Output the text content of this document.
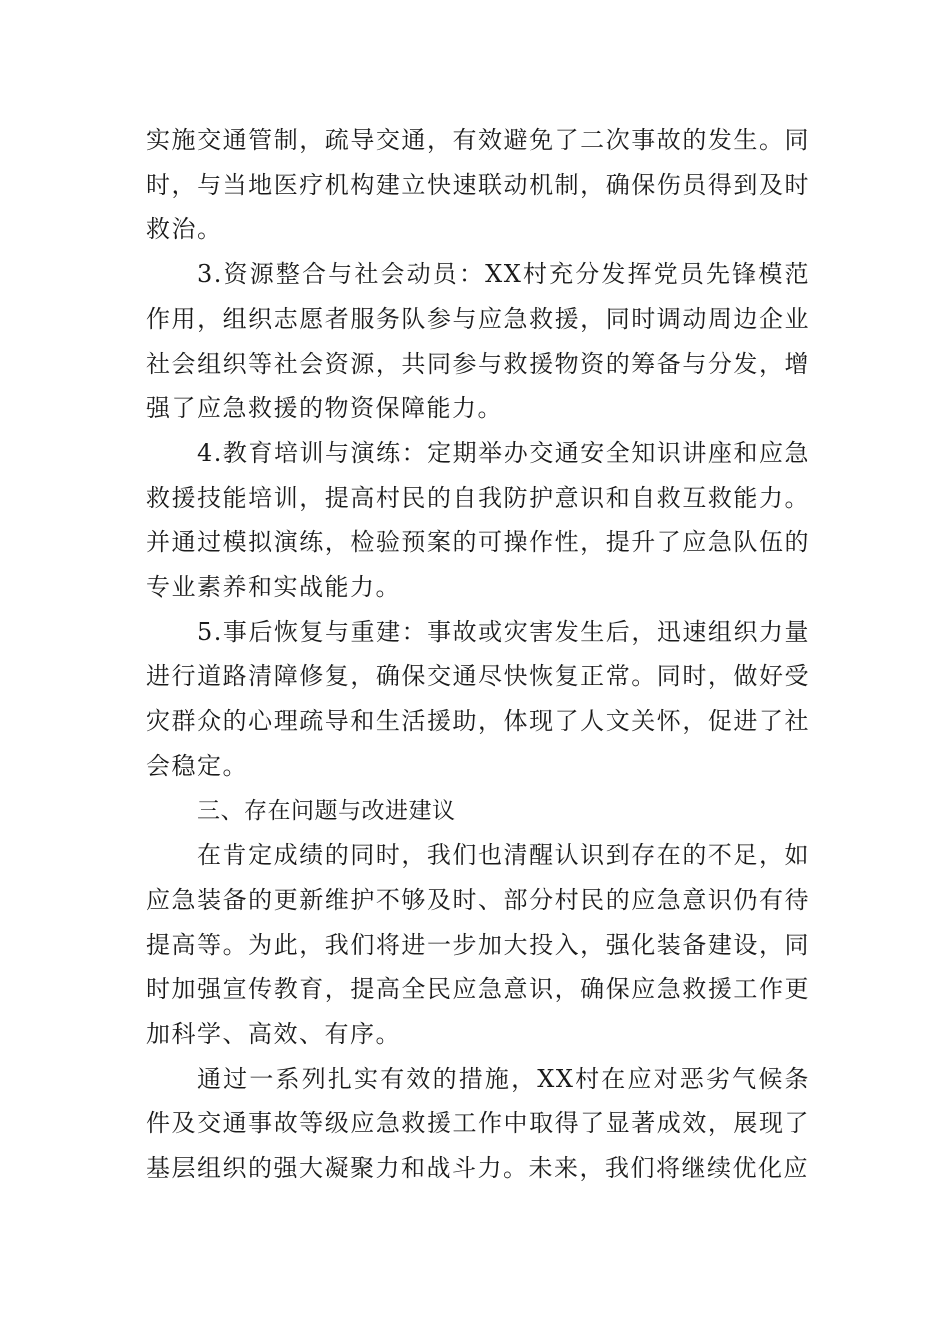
实施交通管制，疏导交通，有效避免了二次事故的发生。同时，与当地医疗机构建立快速联动机制，确保伤员得到及时救治。

3.资源整合与社会动员：XX村充分发挥党员先锋模范作用，组织志愿者服务队参与应急救援，同时调动周边企业社会组织等社会资源，共同参与救援物资的筹备与分发，增强了应急救援的物资保障能力。

4.教育培训与演练：定期举办交通安全知识讲座和应急救援技能培训，提高村民的自我防护意识和自救互救能力。并通过模拟演练，检验预案的可操作性，提升了应急队伍的专业素养和实战能力。

5.事后恢复与重建：事故或灾害发生后，迅速组织力量进行道路清障修复，确保交通尽快恢复正常。同时，做好受灾群众的心理疏导和生活援助，体现了人文关怀，促进了社会稳定。

三、存在问题与改进建议

在肯定成绩的同时，我们也清醒认识到存在的不足，如应急装备的更新维护不够及时、部分村民的应急意识仍有待提高等。为此，我们将进一步加大投入，强化装备建设，同时加强宣传教育，提高全民应急意识，确保应急救援工作更加科学、高效、有序。

通过一系列扎实有效的措施，XX村在应对恶劣气候条件及交通事故等级应急救援工作中取得了显著成效，展现了基层组织的强大凝聚力和战斗力。未来，我们将继续优化应
